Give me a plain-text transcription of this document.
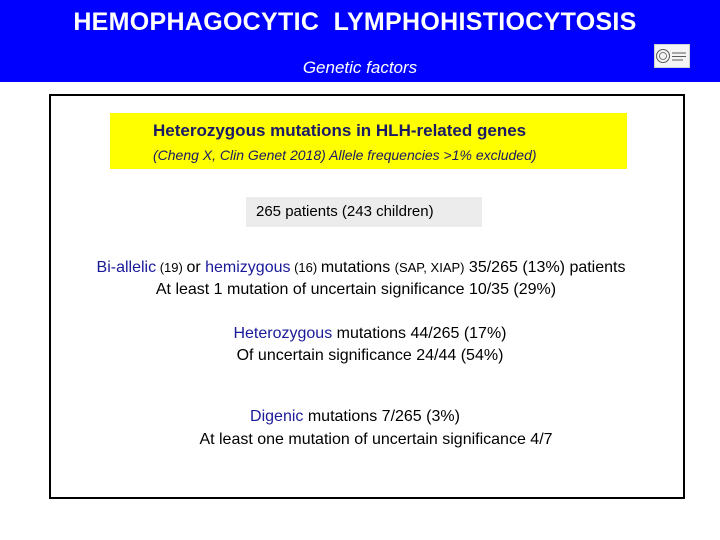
HEMOPHAGOCYTIC  LYMPHOHISTIOCYTOSIS
Genetic factors
Heterozygous mutations in HLH-related genes
(Cheng X, Clin Genet 2018) Allele frequencies >1% excluded)
265 patients (243 children)
Bi-allelic (19) or hemizygous (16) mutations (SAP, XIAP) 35/265 (13%) patients
At least 1 mutation of uncertain significance 10/35 (29%)
Heterozygous mutations 44/265 (17%)
Of uncertain significance 24/44 (54%)
Digenic mutations 7/265 (3%)
At least one mutation of uncertain significance 4/7
